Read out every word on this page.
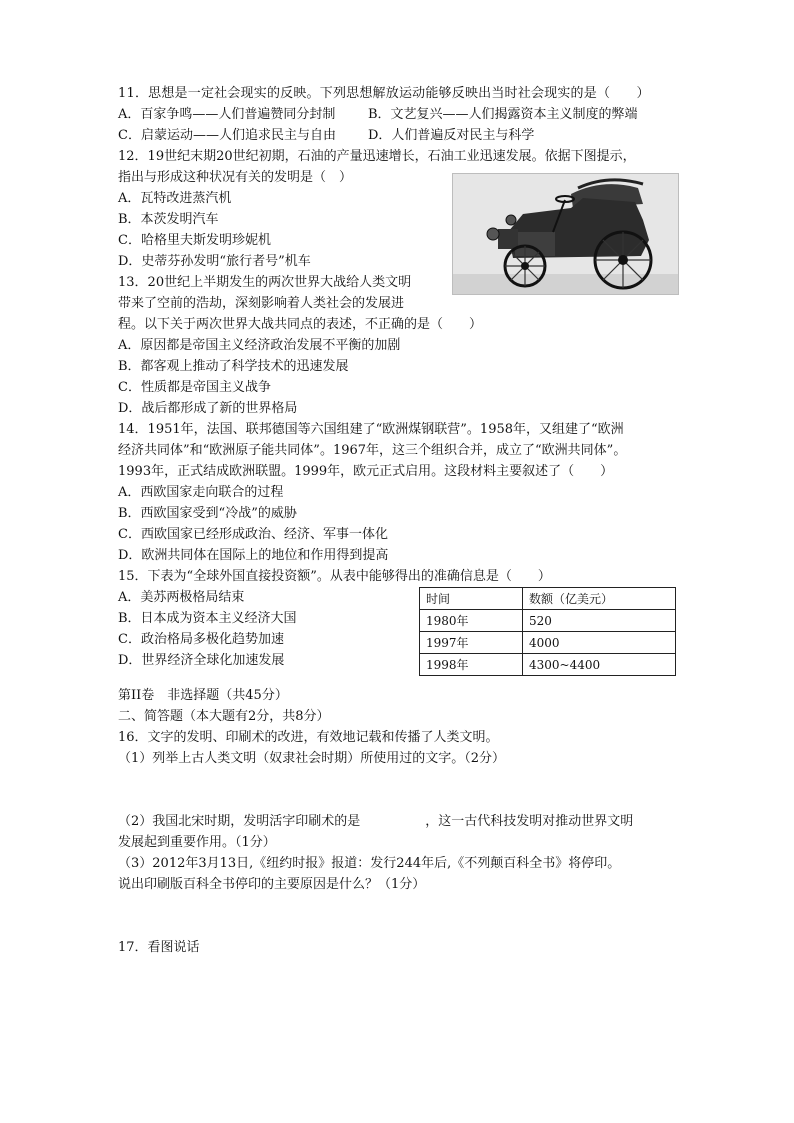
11．思想是一定社会现实的反映。下列思想解放运动能够反映出当时社会现实的是（　　）
A．百家争鸣——人们普遍赞同分封制	B．文艺复兴——人们揭露资本主义制度的弊端
C．启蒙运动——人们追求民主与自由	D．人们普遍反对民主与科学
12．19世纪末期20世纪初期，石油的产量迅速增长，石油工业迅速发展。依据下图提示，
指出与形成这种状况有关的发明是（　）
A．瓦特改进蒸汽机
B．本茨发明汽车
C．哈格里夫斯发明珍妮机
D．史蒂芬孙发明“旅行者号”机车
13．20世纪上半期发生的两次世界大战给人类文明
带来了空前的浩劫，深刻影响着人类社会的发展进
程。以下关于两次世界大战共同点的表述，不正确的是（　　）
A．原因都是帝国主义经济政治发展不平衡的加剧
B．都客观上推动了科学技术的迅速发展
C．性质都是帝国主义战争
D．战后都形成了新的世界格局
14．1951年，法国、联邦德国等六国组建了“欧洲煤钢联营”。1958年，又组建了“欧洲
经济共同体”和“欧洲原子能共同体”。1967年，这三个组织合并，成立了“欧洲共同体”。
1993年，正式结成欧洲联盟。1999年，欧元正式启用。这段材料主要叙述了（　　）
A．西欧国家走向联合的过程
B．西欧国家受到“冷战”的威胁
C．西欧国家已经形成政治、经济、军事一体化
D．欧洲共同体在国际上的地位和作用得到提高
15．下表为“全球外国直接投资额”。从表中能够得出的准确信息是（　　）
A．美苏两极格局结束
B．日本成为资本主义经济大国
C．政治格局多极化趋势加速
D．世界经济全球化加速发展
时间	数额（亿美元）
1980年	520
1997年	4000
1998年	4300~4400
第II卷　非选择题（共45分）
二、简答题（本大题有2分，共8分）
16．文字的发明、印刷术的改进，有效地记载和传播了人类文明。
（1）列举上古人类文明（奴隶社会时期）所使用过的文字。（2分）
（2）我国北宋时期，发明活字印刷术的是　　　　　，这一古代科技发明对推动世界文明
发展起到重要作用。（1分）
（3）2012年3月13日,《纽约时报》报道：发行244年后,《不列颠百科全书》将停印。
说出印刷版百科全书停印的主要原因是什么？（1分）
17．看图说话
